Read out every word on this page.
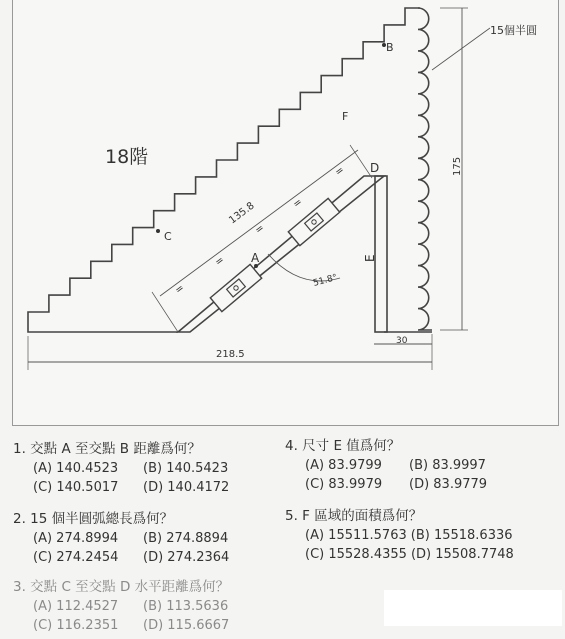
=
=
=
=
=
135.8
51.8°
E
30
218.5
175
15個半圓
A
B
C
D
F
18階
1. 交點 A 至交點 B 距離爲何？
(A) 140.4523 (B) 140.5423
(C) 140.5017 (D) 140.4172
2. 15 個半圓弧總長爲何？
(A) 274.8994 (B) 274.8894
(C) 274.2454 (D) 274.2364
3. 交點 C 至交點 D 水平距離爲何？
(A) 112.4527 (B) 113.5636
(C) 116.2351 (D) 115.6667
4. 尺寸 E 值爲何？
(A) 83.9799 (B) 83.9997
(C) 83.9979 (D) 83.9779
5. F 區域的面積爲何？
(A) 15511.5763 (B) 15518.6336
(C) 15528.4355 (D) 15508.7748
